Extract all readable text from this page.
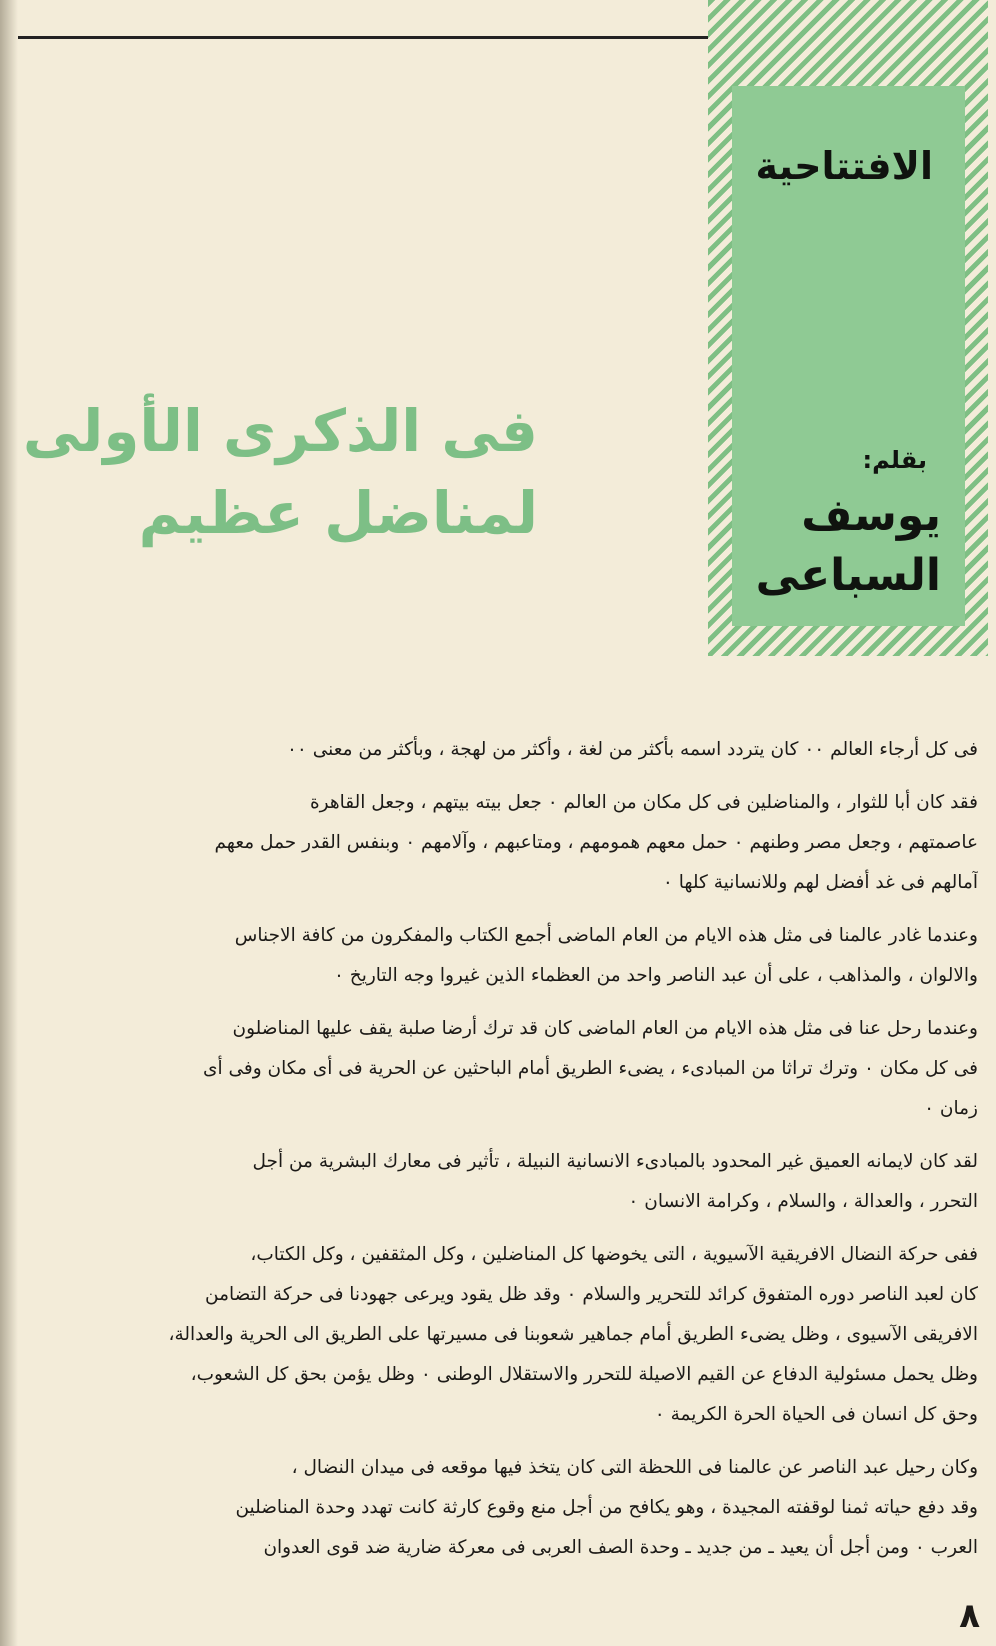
الافتتاحية
بقلم:
يوسف
السباعى
فى الذكرى الأولى
لمناضل عظيم

فى كل أرجاء العالم ٠٠ كان يتردد اسمه بأكثر من لغة ، وأكثر من لهجة ، وبأكثر من معنى ٠٠

فقد كان أبا للثوار ، والمناضلين فى كل مكان من العالم ٠ جعل بيته بيتهم ، وجعل القاهرة
عاصمتهم ، وجعل مصر وطنهم ٠ حمل معهم همومهم ، ومتاعبهم ، وآلامهم ٠ وبنفس القدر حمل معهم
آمالهم فى غد أفضل لهم وللانسانية كلها ٠

وعندما غادر عالمنا فى مثل هذه الايام من العام الماضى أجمع الكتاب والمفكرون من كافة الاجناس
والالوان ، والمذاهب ، على أن عبد الناصر واحد من العظماء الذين غيروا وجه التاريخ ٠

وعندما رحل عنا فى مثل هذه الايام من العام الماضى كان قد ترك أرضا صلبة يقف عليها المناضلون
فى كل مكان ٠ وترك تراثا من المبادىء ، يضىء الطريق أمام الباحثين عن الحرية فى أى مكان وفى أى
زمان ٠

لقد كان لايمانه العميق غير المحدود بالمبادىء الانسانية النبيلة ، تأثير فى معارك البشرية من أجل
التحرر ، والعدالة ، والسلام ، وكرامة الانسان ٠

ففى حركة النضال الافريقية الآسيوية ، التى يخوضها كل المناضلين ، وكل المثقفين ، وكل الكتاب،
كان لعبد الناصر دوره المتفوق كرائد للتحرير والسلام ٠ وقد ظل يقود ويرعى جهودنا فى حركة التضامن
الافريقى الآسيوى ، وظل يضىء الطريق أمام جماهير شعوبنا فى مسيرتها على الطريق الى الحرية والعدالة،
وظل يحمل مسئولية الدفاع عن القيم الاصيلة للتحرر والاستقلال الوطنى ٠ وظل يؤمن بحق كل الشعوب،
وحق كل انسان فى الحياة الحرة الكريمة ٠

وكان رحيل عبد الناصر عن عالمنا فى اللحظة التى كان يتخذ فيها موقعه فى ميدان النضال ،
وقد دفع حياته ثمنا لوقفته المجيدة ، وهو يكافح من أجل منع وقوع كارثة كانت تهدد وحدة المناضلين
العرب ٠ ومن أجل أن يعيد ـ من جديد ـ وحدة الصف العربى فى معركة ضارية ضد قوى العدوان

٨
